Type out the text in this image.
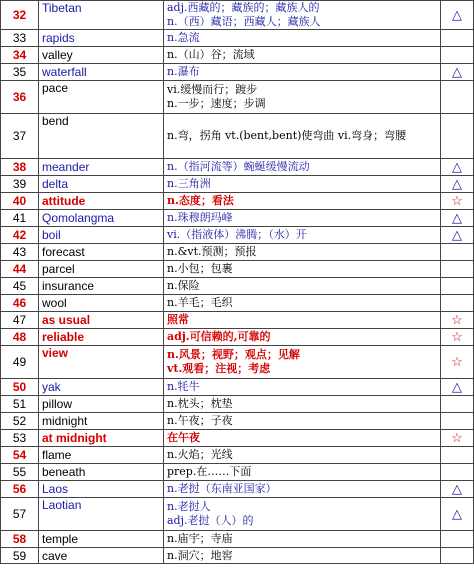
32	Tibetan	adj.西藏的；藏族的；藏族人的
n.（西）藏语；西藏人；藏族人	△
33	rapids	n.急流	

34	valley	n.（山）谷；流域	

35	waterfall	n.瀑布	△
36	pace	vi.缓慢而行；踱步
n.一步；速度；步调	

37	bend	n.弯，拐角 vt.(bent,bent)使弯曲 vi.弯身；弯腰	

38	meander	n.（指河流等）蜿蜒缓慢流动	△
39	delta	n.三角洲	△
40	attitude	n.态度；看法	☆
41	Qomolangma	n.珠穆朗玛峰	△
42	boil	vi.（指液体）沸腾；（水）开	△
43	forecast	n.&vt.预测；预报	

44	parcel	n.小包；包裹	

45	insurance	n.保险	

46	wool	n.羊毛；毛织	

47	as usual	照常	☆
48	reliable	adj.可信赖的,可靠的	☆
49	view	n.风景；视野；观点；见解
vt.观看；注视；考虑	☆
50	yak	n.牦牛	△
51	pillow	n.枕头；枕垫	

52	midnight	n.午夜；子夜	

53	at midnight	在午夜	☆
54	flame	n.火焰；光线	

55	beneath	prep.在……下面	

56	Laos	n.老挝（东南亚国家）	△
57	Laotian	n.老挝人
adj.老挝（人）的	△
58	temple	n.庙宇；寺庙	

59	cave	n.洞穴；地窖	
